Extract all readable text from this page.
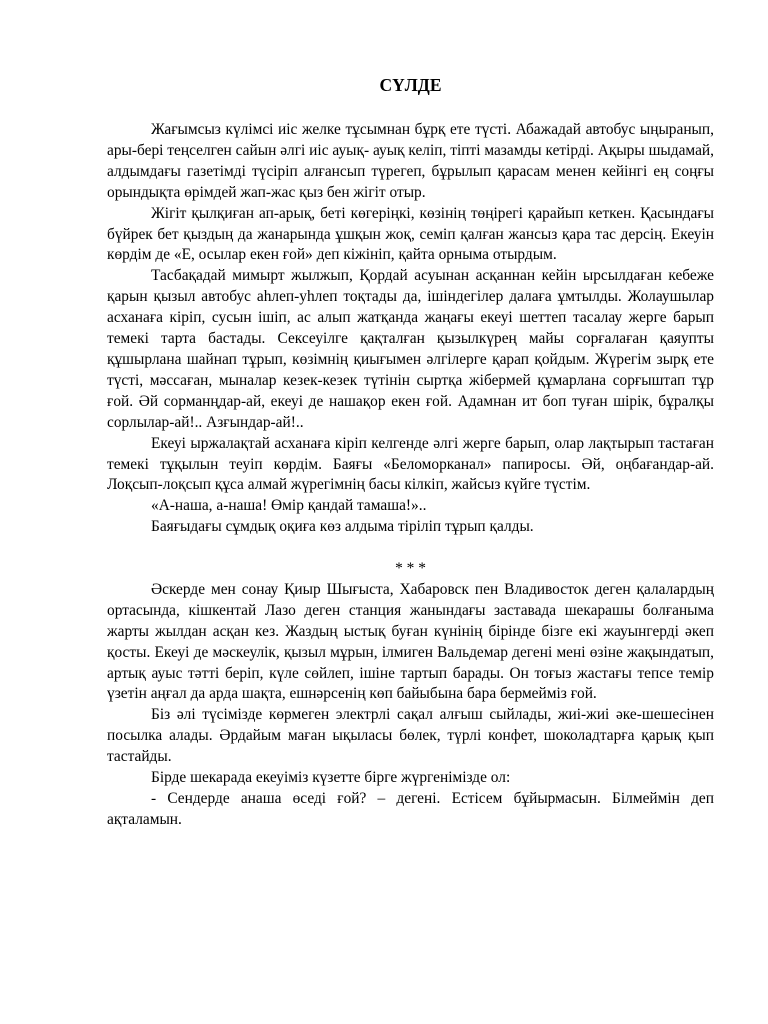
СҮЛДЕ

Жағымсыз күлімсі иіс желке тұсымнан бұрқ ете түсті. Абажадай автобус ыңыранып, ары-бері теңселген сайын әлгі иіс ауық- ауық келіп, тіпті мазамды кетірді. Ақыры шыдамай, алдымдағы газетімді түсіріп алғансып түрегеп, бұрылып қарасам менен кейінгі ең соңғы орындықта өрімдей жап-жас қыз бен жігіт отыр.

Жігіт қылқиған ап-арық, беті көгеріңкі, көзінің төңірегі қарайып кеткен. Қасындағы бүйрек бет қыздың да жанарында ұшқын жоқ, семіп қалған жансыз қара тас дерсің. Екеуін көрдім де «Е, осылар екен ғой» деп кіжініп, қайта орныма отырдым.

Тасбақадай мимырт жылжып, Қордай асуынан асқаннан кейін ырсылдаған кебеже қарын қызыл автобус аһлеп-уһлеп тоқтады да, ішіндегілер далаға ұмтылды. Жолаушылар асханаға кіріп, сусын ішіп, ас алып жатқанда жаңағы екеуі шеттеп тасалау жерге барып темекі тарта бастады. Сексеуілге қақталған қызылкүрең майы сорғалаған қаяупты құшырлана шайнап тұрып, көзімнің қиығымен әлгілерге қарап қойдым. Жүрегім зырқ ете түсті, мәссаған, мыналар кезек-кезек түтінін сыртқа жібермей құмарлана сорғыштап тұр ғой. Әй сорманңдар-ай, екеуі де нашақор екен ғой. Адамнан ит боп туған шірік, бұралқы сорлылар-ай!.. Азғындар-ай!..

Екеуі ыржалақтай асханаға кіріп келгенде әлгі жерге барып, олар лақтырып тастаған темекі тұқылын теуіп көрдім. Баяғы «Беломорканал» папиросы. Әй, оңбағандар-ай. Лоқсып-лоқсып құса алмай жүрегімнің басы кілкіп, жайсыз күйге түстім.

«А-наша, а-наша! Өмір қандай тамаша!»..

Баяғыдағы сұмдық оқиға көз алдыма тіріліп тұрып қалды.

* * *

Әскерде мен сонау Қиыр Шығыста, Хабаровск пен Владивосток деген қалалардың ортасында, кішкентай Лазо деген станция жанындағы заставада шекарашы болғаныма жарты жылдан асқан кез. Жаздың ыстық буған күнінің бірінде бізге екі жауынгерді әкеп қосты. Екеуі де мәскеулік, қызыл мұрын, ілмиген Вальдемар дегені мені өзіне жақындатып, артық ауыс тәтті беріп, күле сөйлеп, ішіне тартып барады. Он тоғыз жастағы тепсе темір үзетін аңғал да арда шақта, ешнәрсенің көп байыбына бара бермейміз ғой.

Біз әлі түсімізде көрмеген электрлі сақал алғыш сыйлады, жиі-жиі әке-шешесінен посылка алады. Әрдайым маған ықыласы бөлек, түрлі конфет, шоколадтарға қарық қып тастайды.

Бірде шекарада екеуіміз күзетте бірге жүргенімізде ол:

- Сендерде анаша өседі ғой? – дегені. Естісем бұйырмасын. Білмеймін деп ақталамын.
